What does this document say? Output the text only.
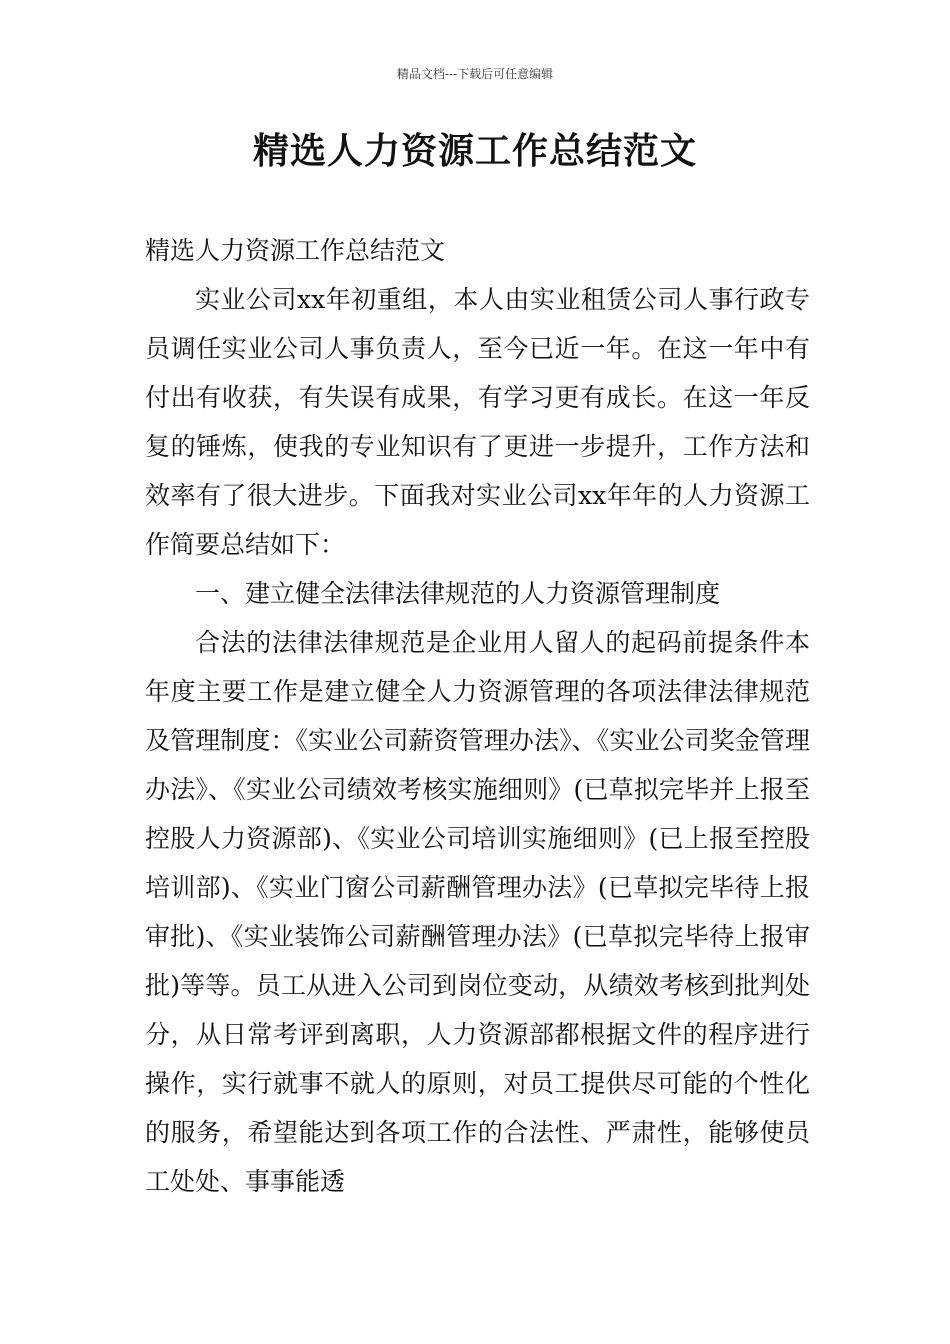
精品文档---下载后可任意编辑
精选人力资源工作总结范文

精选人力资源工作总结范文

实业公司xx年初重组，本人由实业租赁公司人事行政专员调任实业公司人事负责人，至今已近一年。在这一年中有付出有收获，有失误有成果，有学习更有成长。在这一年反复的锤炼，使我的专业知识有了更进一步提升，工作方法和效率有了很大进步。下面我对实业公司xx年年的人力资源工作简要总结如下：

一、建立健全法律法律规范的人力资源管理制度

合法的法律法律规范是企业用人留人的起码前提条件本年度主要工作是建立健全人力资源管理的各项法律法律规范及管理制度：《实业公司薪资管理办法》、《实业公司奖金管理办法》、《实业公司绩效考核实施细则》(已草拟完毕并上报至控股人力资源部)、《实业公司培训实施细则》(已上报至控股培训部)、《实业门窗公司薪酬管理办法》(已草拟完毕待上报审批)、《实业装饰公司薪酬管理办法》(已草拟完毕待上报审批)等等。员工从进入公司到岗位变动，从绩效考核到批判处分，从日常考评到离职，人力资源部都根据文件的程序进行操作，实行就事不就人的原则，对员工提供尽可能的个性化的服务，希望能达到各项工作的合法性、严肃性，能够使员工处处、事事能透
